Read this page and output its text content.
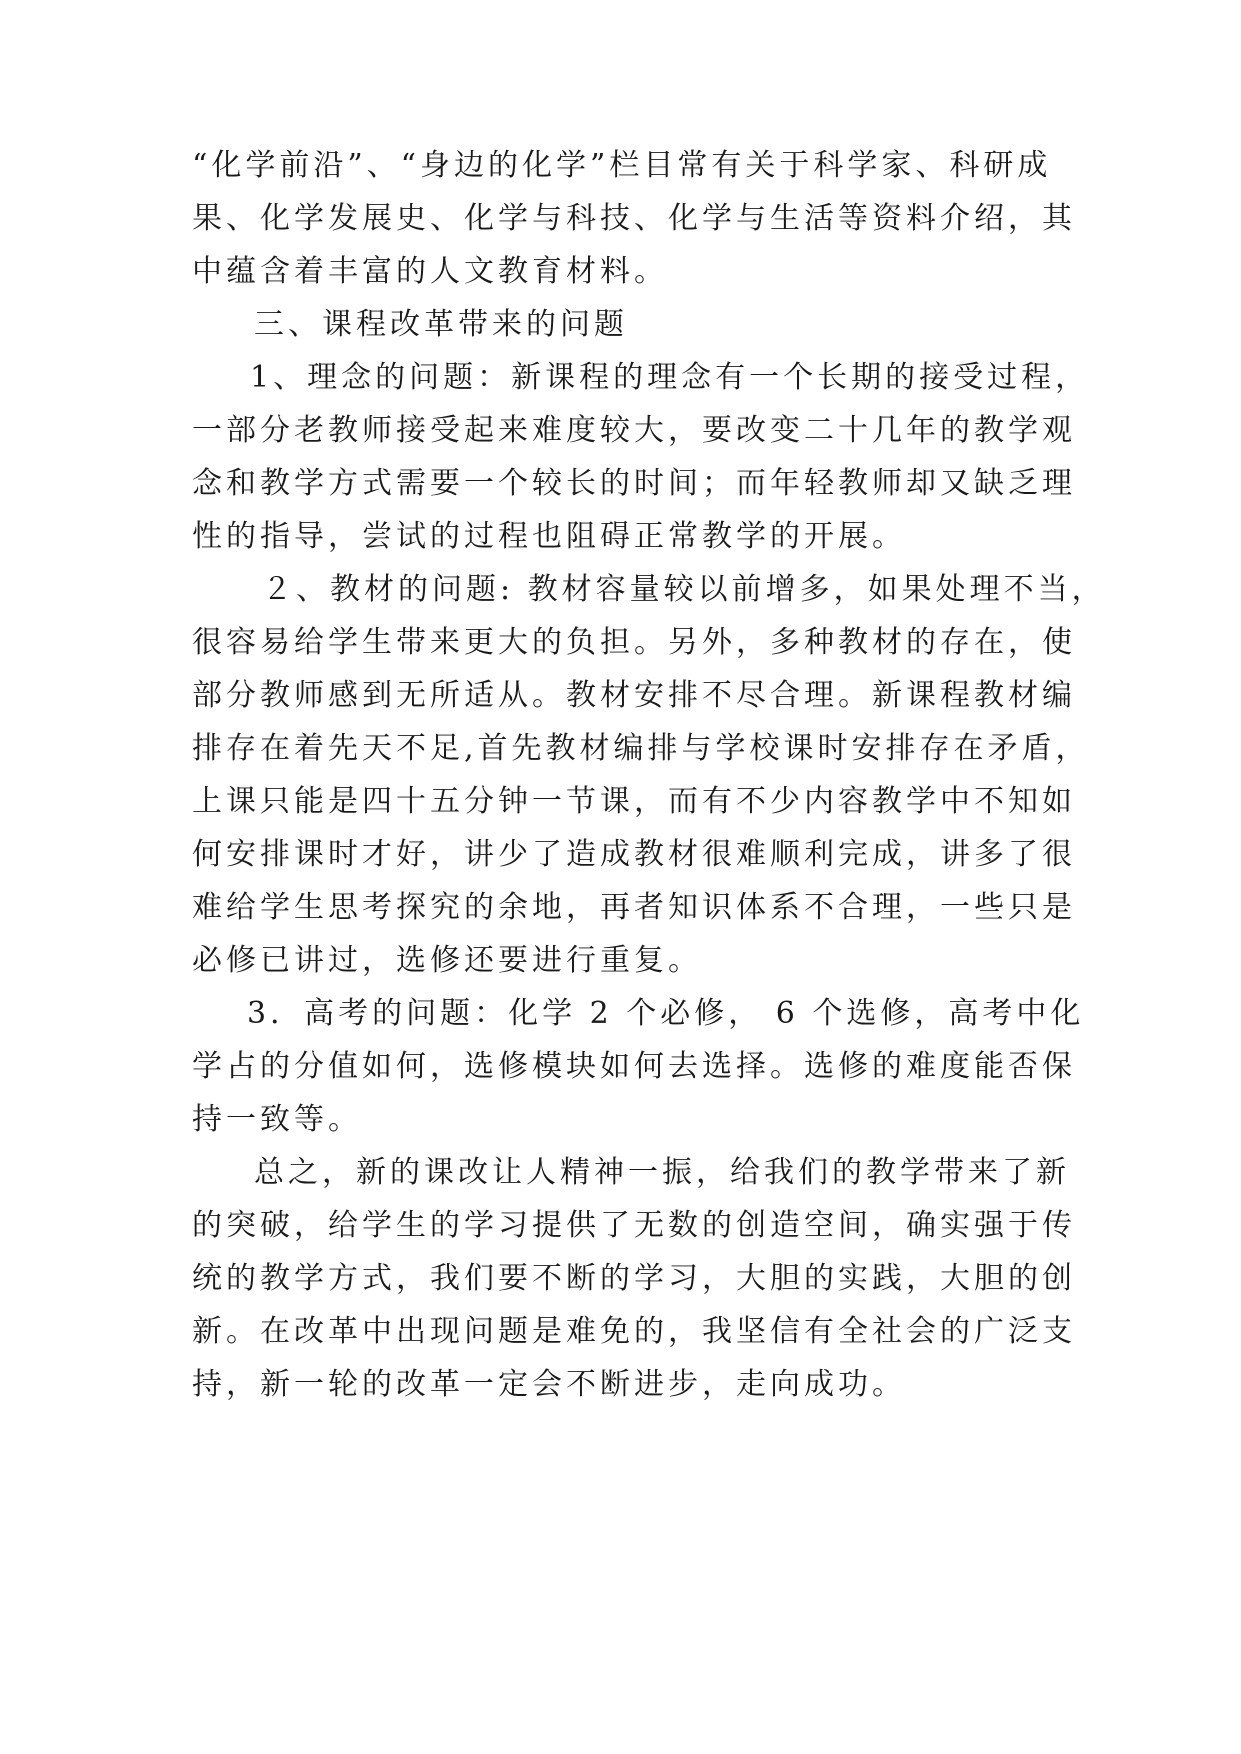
“化学前沿”、“身边的化学”栏目常有关于科学家、科研成
果、化学发展史、化学与科技、化学与生活等资料介绍，其
中蕴含着丰富的人文教育材料。
三、课程改革带来的问题
1、理念的问题：新课程的理念有一个长期的接受过程，
一部分老教师接受起来难度较大，要改变二十几年的教学观
念和教学方式需要一个较长的时间；而年轻教师却又缺乏理
性的指导，尝试的过程也阻碍正常教学的开展。
２、教材的问题: 教材容量较以前增多，如果处理不当，
很容易给学生带来更大的负担。另外，多种教材的存在，使
部分教师感到无所适从。教材安排不尽合理。新课程教材编
排存在着先天不足,首先教材编排与学校课时安排存在矛盾，
上课只能是四十五分钟一节课，而有不少内容教学中不知如
何安排课时才好，讲少了造成教材很难顺利完成，讲多了很
难给学生思考探究的余地，再者知识体系不合理，一些只是
必修已讲过，选修还要进行重复。
3．高考的问题：化学 2 个必修， 6 个选修，高考中化
学占的分值如何，选修模块如何去选择。选修的难度能否保
持一致等。
总之，新的课改让人精神一振，给我们的教学带来了新
的突破，给学生的学习提供了无数的创造空间，确实强于传
统的教学方式，我们要不断的学习，大胆的实践，大胆的创
新。在改革中出现问题是难免的，我坚信有全社会的广泛支
持，新一轮的改革一定会不断进步，走向成功。
